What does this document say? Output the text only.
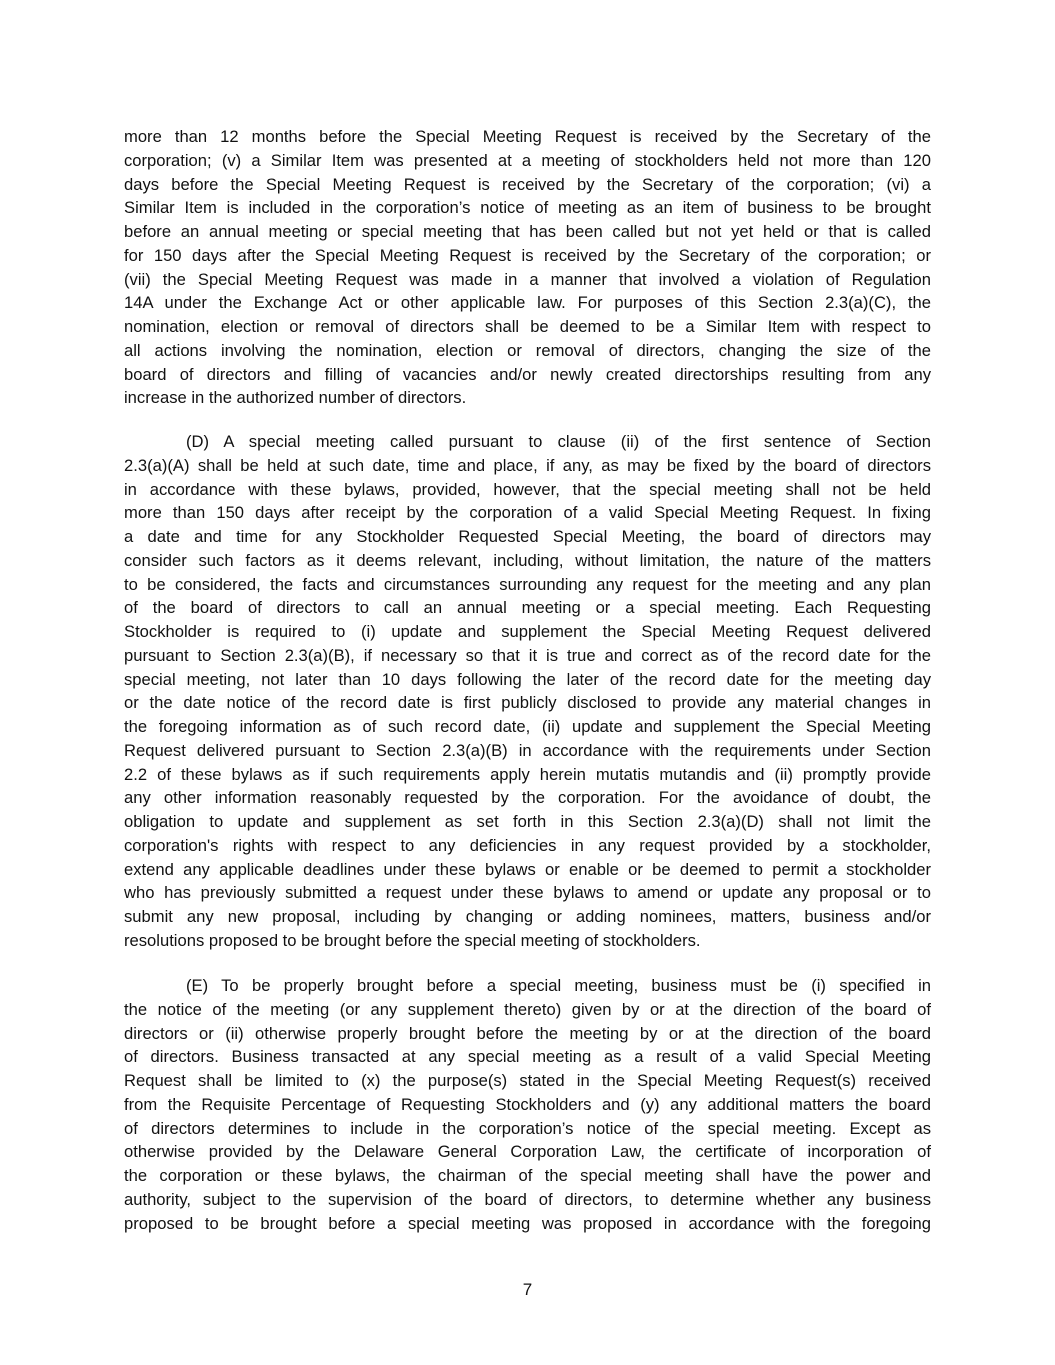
more than 12 months before the Special Meeting Request is received by the Secretary of the
corporation; (v) a Similar Item was presented at a meeting of stockholders held not more than 120
days before the Special Meeting Request is received by the Secretary of the corporation; (vi) a
Similar Item is included in the corporation’s notice of meeting as an item of business to be brought
before an annual meeting or special meeting that has been called but not yet held or that is called
for 150 days after the Special Meeting Request is received by the Secretary of the corporation; or
(vii) the Special Meeting Request was made in a manner that involved a violation of Regulation
14A under the Exchange Act or other applicable law. For purposes of this Section 2.3(a)(C), the
nomination, election or removal of directors shall be deemed to be a Similar Item with respect to
all actions involving the nomination, election or removal of directors, changing the size of the
board of directors and filling of vacancies and/or newly created directorships resulting from any
increase in the authorized number of directors.
(D) A special meeting called pursuant to clause (ii) of the first sentence of Section
2.3(a)(A) shall be held at such date, time and place, if any, as may be fixed by the board of directors
in accordance with these bylaws, provided, however, that the special meeting shall not be held
more than 150 days after receipt by the corporation of a valid Special Meeting Request. In fixing
a date and time for any Stockholder Requested Special Meeting, the board of directors may
consider such factors as it deems relevant, including, without limitation, the nature of the matters
to be considered, the facts and circumstances surrounding any request for the meeting and any plan
of the board of directors to call an annual meeting or a special meeting. Each Requesting
Stockholder is required to (i) update and supplement the Special Meeting Request delivered
pursuant to Section 2.3(a)(B), if necessary so that it is true and correct as of the record date for the
special meeting, not later than 10 days following the later of the record date for the meeting day
or the date notice of the record date is first publicly disclosed to provide any material changes in
the foregoing information as of such record date, (ii) update and supplement the Special Meeting
Request delivered pursuant to Section 2.3(a)(B) in accordance with the requirements under Section
2.2 of these bylaws as if such requirements apply herein mutatis mutandis and (ii) promptly provide
any other information reasonably requested by the corporation. For the avoidance of doubt, the
obligation to update and supplement as set forth in this Section 2.3(a)(D) shall not limit the
corporation's rights with respect to any deficiencies in any request provided by a stockholder,
extend any applicable deadlines under these bylaws or enable or be deemed to permit a stockholder
who has previously submitted a request under these bylaws to amend or update any proposal or to
submit any new proposal, including by changing or adding nominees, matters, business and/or
resolutions proposed to be brought before the special meeting of stockholders.
(E) To be properly brought before a special meeting, business must be (i) specified in
the notice of the meeting (or any supplement thereto) given by or at the direction of the board of
directors or (ii) otherwise properly brought before the meeting by or at the direction of the board
of directors. Business transacted at any special meeting as a result of a valid Special Meeting
Request shall be limited to (x) the purpose(s) stated in the Special Meeting Request(s) received
from the Requisite Percentage of Requesting Stockholders and (y) any additional matters the board
of directors determines to include in the corporation’s notice of the special meeting. Except as
otherwise provided by the Delaware General Corporation Law, the certificate of incorporation of
the corporation or these bylaws, the chairman of the special meeting shall have the power and
authority, subject to the supervision of the board of directors, to determine whether any business
proposed to be brought before a special meeting was proposed in accordance with the foregoing
7
